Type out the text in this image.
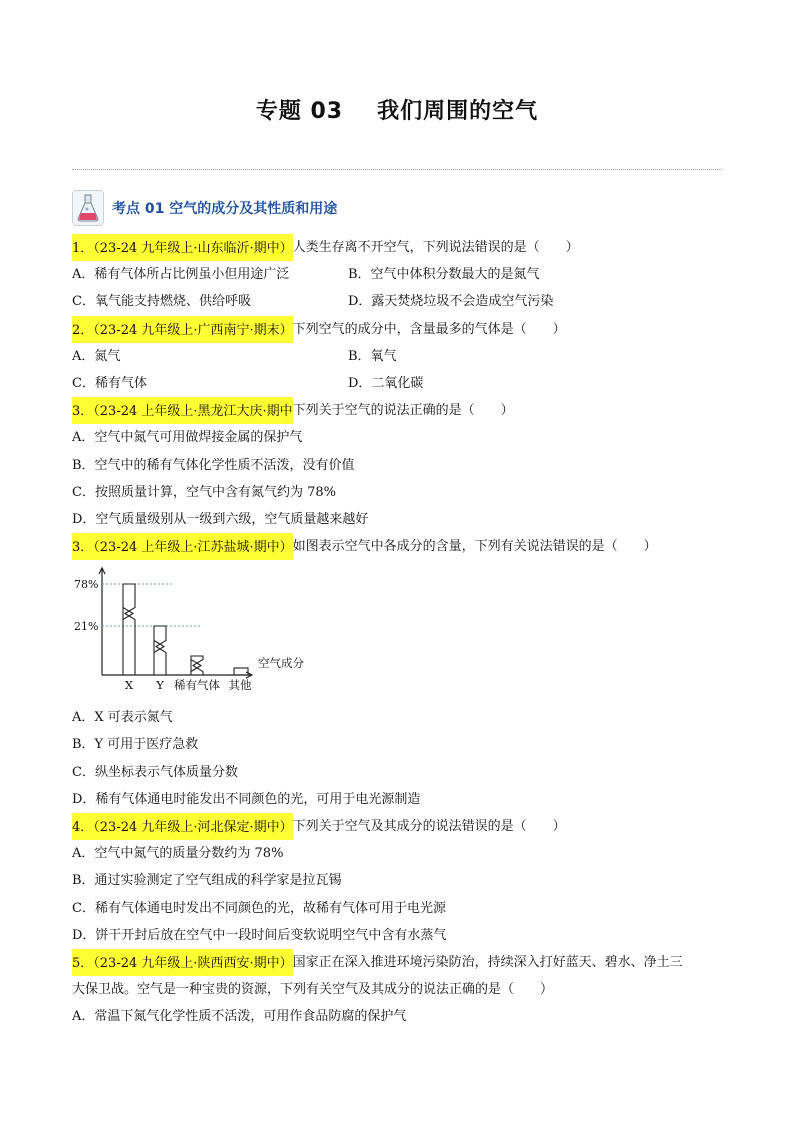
专题 03 我们周围的空气
考点 01 空气的成分及其性质和用途
1．（23-24 九年级上·山东临沂·期中） 人类生存离不开空气，下列说法错误的是（　　）
A．稀有气体所占比例虽小但用途广泛	B．空气中体积分数最大的是氮气
C．氧气能支持燃烧、供给呼吸	D．露天焚烧垃圾不会造成空气污染
2．（23-24 九年级上·广西南宁·期末） 下列空气的成分中，含量最多的气体是（　　）
A．氮气	B．氧气
C．稀有气体	D．二氧化碳
3．（23-24 上年级上·黑龙江大庆·期中 下列关于空气的说法正确的是（　　）
A．空气中氮气可用做焊接金属的保护气
B．空气中的稀有气体化学性质不活泼，没有价值
C．按照质量计算，空气中含有氮气约为 78%
D．空气质量级别从一级到六级，空气质量越来越好
3．（23-24 上年级上·江苏盐城·期中） 如图表示空气中各成分的含量，下列有关说法错误的是（　　）
78%
21%
X Y 稀有气体 其他
空气成分
A．X 可表示氮气
B．Y 可用于医疗急救
C．纵坐标表示气体质量分数
D．稀有气体通电时能发出不同颜色的光，可用于电光源制造
4．（23-24 九年级上·河北保定·期中） 下列关于空气及其成分的说法错误的是（　　）
A．空气中氮气的质量分数约为 78%
B．通过实验测定了空气组成的科学家是拉瓦锡
C．稀有气体通电时发出不同颜色的光，故稀有气体可用于电光源
D．饼干开封后放在空气中一段时间后变软说明空气中含有水蒸气
5．（23-24 九年级上·陕西西安·期中） 国家正在深入推进环境污染防治，持续深入打好蓝天、碧水、净土三
大保卫战。空气是一种宝贵的资源，下列有关空气及其成分的说法正确的是（　　）
A．常温下氮气化学性质不活泼，可用作食品防腐的保护气
